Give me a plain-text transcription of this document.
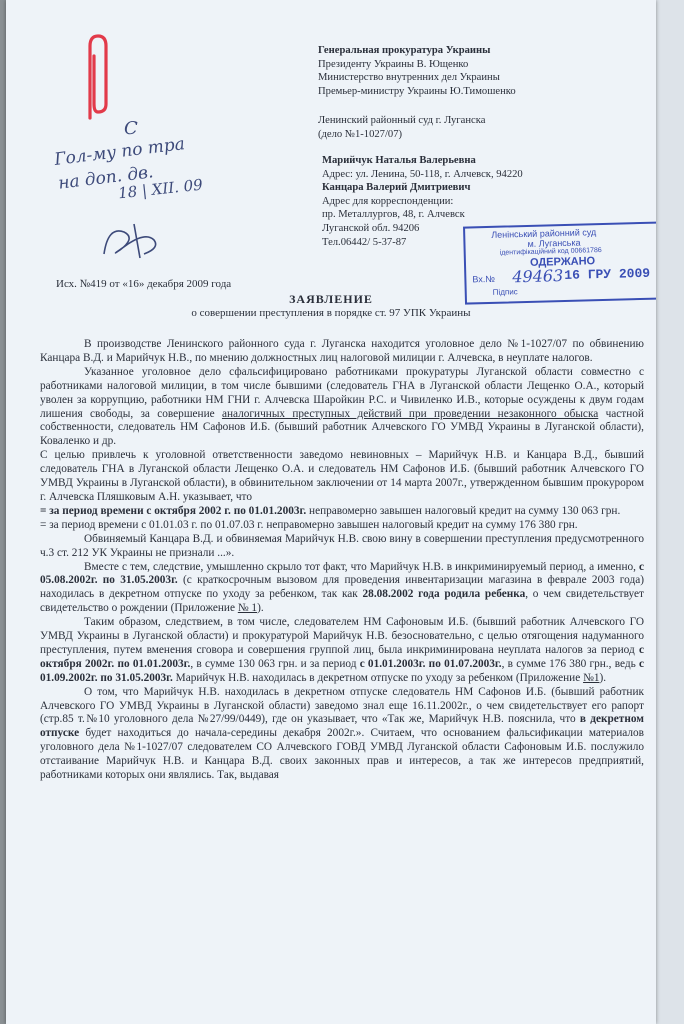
Генеральная прокуратура Украины
Президенту Украины В. Ющенко
Министерство внутренних дел Украины
Премьер-министру Украины Ю.Тимошенко
Ленинский районный суд г. Луганска
(дело №1-1027/07)
Марийчук Наталья Валерьевна
Адрес: ул. Ленина, 50-118, г. Алчевск, 94220
Канцара Валерий Дмитриевич
Адрес для корреспонденции:
пр. Металлургов, 48, г. Алчевск
Луганской обл. 94206
Тел.06442/ 5-37-87
С
Гол-му по тра
на доп. дв.
18 | XII. 09
Ленінський районний суд
м. Луганська
ідентифікаційний код 00661786
ОДЕРЖАНО
Вх.№ 49463 16 ГРУ 2009
Підпис
Исх. №419 от «16» декабря 2009 года
ЗАЯВЛЕНИЕ
о совершении преступления в порядке ст. 97 УПК Украины

В производстве Ленинского районного суда г. Луганска находится уголовное дело №1-1027/07 по обвинению Канцара В.Д. и Марийчук Н.В., по мнению должностных лиц налоговой милиции г. Алчевска, в неуплате налогов.

Указанное уголовное дело сфальсифицировано работниками прокуратуры Луганской области совместно с работниками налоговой милиции, в том числе бывшими (следователь ГНА в Луганской области Лещенко О.А., который уволен за коррупцию, работники НМ ГНИ г. Алчевска Шаройкин Р.С. и Чивиленко И.В., которые осуждены к двум годам лишения свободы, за совершение аналогичных преступных действий при проведении незаконного обыска частной собственности, следователь НМ Сафонов И.Б. (бывший работник Алчевского ГО УМВД Украины в Луганской области), Коваленко и др.

С целью привлечь к уголовной ответственности заведомо невиновных – Марийчук Н.В. и Канцара В.Д., бывший следователь ГНА в Луганской области Лещенко О.А. и следователь НМ Сафонов И.Б. (бывший работник Алчевского ГО УМВД Украины в Луганской области), в обвинительном заключении от 14 марта 2007г., утвержденном бывшим прокурором г. Алчевска Пляшковым А.Н. указывает, что

= за период времени с октября 2002 г. по 01.01.2003г. неправомерно завышен налоговый кредит на сумму 130 063 грн.

= за период времени с 01.01.03 г. по 01.07.03 г. неправомерно завышен налоговый кредит на сумму 176 380 грн.

Обвиняемый Канцара В.Д. и обвиняемая Марийчук Н.В. свою вину в совершении преступления предусмотренного ч.3 ст. 212 УК Украины не признали ...».

Вместе с тем, следствие, умышленно скрыло тот факт, что Марийчук Н.В. в инкриминируемый период, а именно, с 05.08.2002г. по 31.05.2003г. (с краткосрочным вызовом для проведения инвентаризации магазина в феврале 2003 года) находилась в декретном отпуске по уходу за ребенком, так как 28.08.2002 года родила ребенка, о чем свидетельствует свидетельство о рождении (Приложение № 1).

Таким образом, следствием, в том числе, следователем НМ Сафоновым И.Б. (бывший работник Алчевского ГО УМВД Украины в Луганской области) и прокуратурой Марийчук Н.В. безосновательно, с целью отягощения надуманного преступления, путем вменения сговора и совершения группой лиц, была инкриминирована неуплата налогов за период с октября 2002г. по 01.01.2003г., в сумме 130 063 грн. и за период с 01.01.2003г. по 01.07.2003г., в сумме 176 380 грн., ведь с 01.09.2002г. по 31.05.2003г. Марийчук Н.В. находилась в декретном отпуске по уходу за ребенком (Приложение №1).

О том, что Марийчук Н.В. находилась в декретном отпуске следователь НМ Сафонов И.Б. (бывший работник Алчевского ГО УМВД Украины в Луганской области) заведомо знал еще 16.11.2002г., о чем свидетельствует его рапорт (стр.85 т.№10 уголовного дела №27/99/0449), где он указывает, что «Так же, Марийчук Н.В. пояснила, что в декретном отпуске будет находиться до начала-середины декабря 2002г.». Считаем, что основанием фальсификации материалов уголовного дела №1-1027/07 следователем СО Алчевского ГОВД УМВД Луганской области Сафоновым И.Б. послужило отстаивание Марийчук Н.В. и Канцара В.Д. своих законных прав и интересов, а так же интересов предприятий, работниками которых они являлись. Так, выдавая
